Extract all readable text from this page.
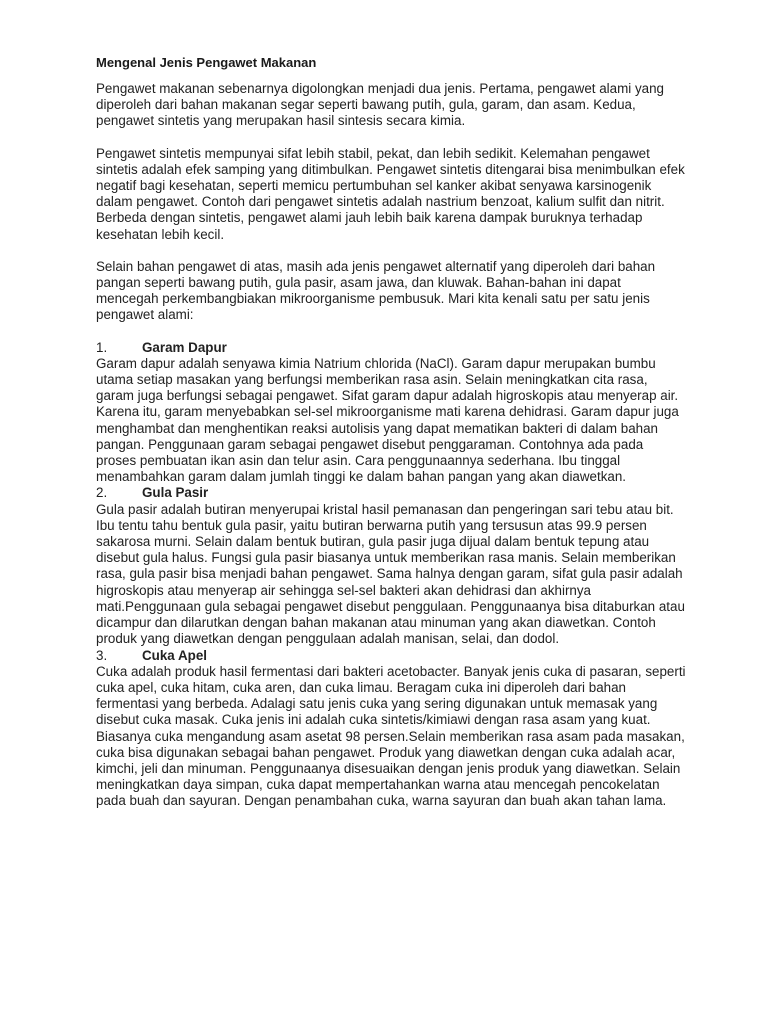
Mengenal Jenis Pengawet Makanan

Pengawet makanan sebenarnya digolongkan menjadi dua jenis. Pertama, pengawet alami yang diperoleh dari bahan makanan segar seperti bawang putih, gula, garam, dan asam. Kedua, pengawet sintetis yang merupakan hasil sintesis secara kimia.

Pengawet sintetis mempunyai sifat lebih stabil, pekat, dan lebih sedikit. Kelemahan pengawet sintetis adalah efek samping yang ditimbulkan. Pengawet sintetis ditengarai bisa menimbulkan efek negatif bagi kesehatan, seperti memicu pertumbuhan sel kanker akibat senyawa karsinogenik dalam pengawet. Contoh dari pengawet sintetis adalah nastrium benzoat, kalium sulfit dan nitrit. Berbeda dengan sintetis, pengawet alami jauh lebih baik karena dampak buruknya terhadap kesehatan lebih kecil.

Selain bahan pengawet di atas, masih ada jenis pengawet alternatif yang diperoleh dari bahan pangan seperti bawang putih, gula pasir, asam jawa, dan kluwak. Bahan-bahan ini dapat mencegah perkembangbiakan mikroorganisme pembusuk. Mari kita kenali satu per satu jenis pengawet alami:

1.	Garam Dapur

Garam dapur adalah senyawa kimia Natrium chlorida (NaCl). Garam dapur merupakan bumbu utama setiap masakan yang berfungsi memberikan rasa asin. Selain meningkatkan cita rasa, garam juga berfungsi sebagai pengawet. Sifat garam dapur adalah higroskopis atau menyerap air. Karena itu, garam menyebabkan sel-sel mikroorganisme mati karena dehidrasi. Garam dapur juga menghambat dan menghentikan reaksi autolisis yang dapat mematikan bakteri di dalam bahan pangan. Penggunaan garam sebagai pengawet disebut penggaraman. Contohnya ada pada proses pembuatan ikan asin dan telur asin. Cara penggunaannya sederhana. Ibu tinggal menambahkan garam dalam jumlah tinggi ke dalam bahan pangan yang akan diawetkan.

2.	Gula Pasir

Gula pasir adalah butiran menyerupai kristal hasil pemanasan dan pengeringan sari tebu atau bit. Ibu tentu tahu bentuk gula pasir, yaitu butiran berwarna putih yang tersusun atas 99.9 persen sakarosa murni. Selain dalam bentuk butiran, gula pasir juga dijual dalam bentuk tepung atau disebut gula halus. Fungsi gula pasir biasanya untuk memberikan rasa manis. Selain memberikan rasa, gula pasir bisa menjadi bahan pengawet. Sama halnya dengan garam, sifat gula pasir adalah higroskopis atau menyerap air sehingga sel-sel bakteri akan dehidrasi dan akhirnya mati.Penggunaan gula sebagai pengawet disebut penggulaan. Penggunaanya bisa ditaburkan atau dicampur dan dilarutkan dengan bahan makanan atau minuman yang akan diawetkan. Contoh produk yang diawetkan dengan penggulaan adalah manisan, selai, dan dodol.

3.	Cuka Apel

Cuka adalah produk hasil fermentasi dari bakteri acetobacter. Banyak jenis cuka di pasaran, seperti cuka apel, cuka hitam, cuka aren, dan cuka limau. Beragam cuka ini diperoleh dari bahan fermentasi yang berbeda. Adalagi satu jenis cuka yang sering digunakan untuk memasak yang disebut cuka masak. Cuka jenis ini adalah cuka sintetis/kimiawi dengan rasa asam yang kuat. Biasanya cuka mengandung asam asetat 98 persen.Selain memberikan rasa asam pada masakan, cuka bisa digunakan sebagai bahan pengawet. Produk yang diawetkan dengan cuka adalah acar, kimchi, jeli dan minuman. Penggunaanya disesuaikan dengan jenis produk yang diawetkan. Selain meningkatkan daya simpan, cuka dapat mempertahankan warna atau mencegah pencokelatan pada buah dan sayuran. Dengan penambahan cuka, warna sayuran dan buah akan tahan lama.
